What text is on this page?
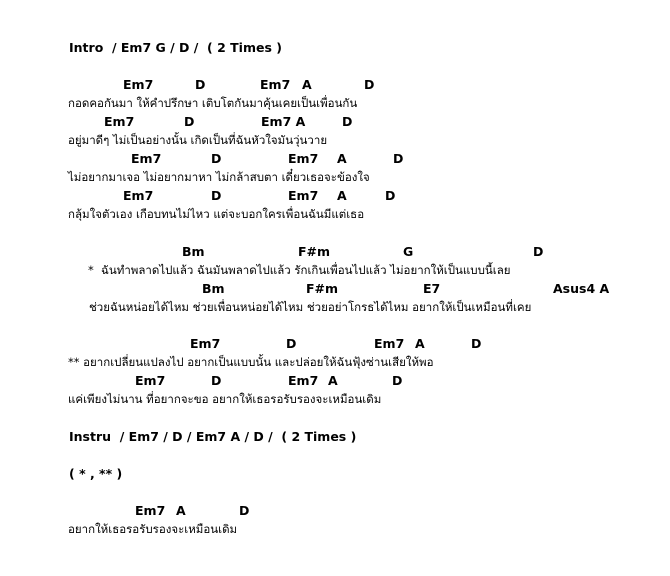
Intro  / Em7 G / D /  ( 2 Times )
Em7	D	Em7 A	D
กอดคอกันมา ให้คำปรึกษา เติบโตกันมาคุ้นเคยเป็นเพื่อนกัน
Em7	D	Em7 A	D
อยู่มาดีๆ ไม่เป็นอย่างนั้น เกิดเป็นที่ฉันหัวใจมันวุ่นวาย
Em7	D	Em7 A	D
ไม่อยากมาเจอ ไม่อยากมาหา ไม่กล้าสบตา เดี๋ยวเธอจะข้องใจ
Em7	D	Em7 A	D
กลุ้มใจตัวเอง เกือบทนไม่ไหว แต่จะบอกใครเพื่อนฉันมีแต่เธอ
Bm	F#m	G	D
*  ฉันทำพลาดไปแล้ว ฉันมันพลาดไปแล้ว รักเกินเพื่อนไปแล้ว ไม่อยากให้เป็นแบบนี้เลย
Bm	F#m	E7	Asus4 A
ช่วยฉันหน่อยได้ไหม ช่วยเพื่อนหน่อยได้ไหม ช่วยอย่าโกรธได้ไหม อยากให้เป็นเหมือนที่เคย
Em7	D	Em7 A	D
** อยากเปลี่ยนแปลงไป อยากเป็นแบบนั้น และปล่อยให้ฉันฟุ้งซ่านเสียให้พอ
Em7	D	Em7 A	D
แค่เพียงไม่นาน ที่อยากจะขอ อยากให้เธอรอรับรองจะเหมือนเดิม
Instru  / Em7 / D / Em7 A / D /  ( 2 Times )
( * , ** )
Em7 A	D
อยากให้เธอรอรับรองจะเหมือนเดิม
